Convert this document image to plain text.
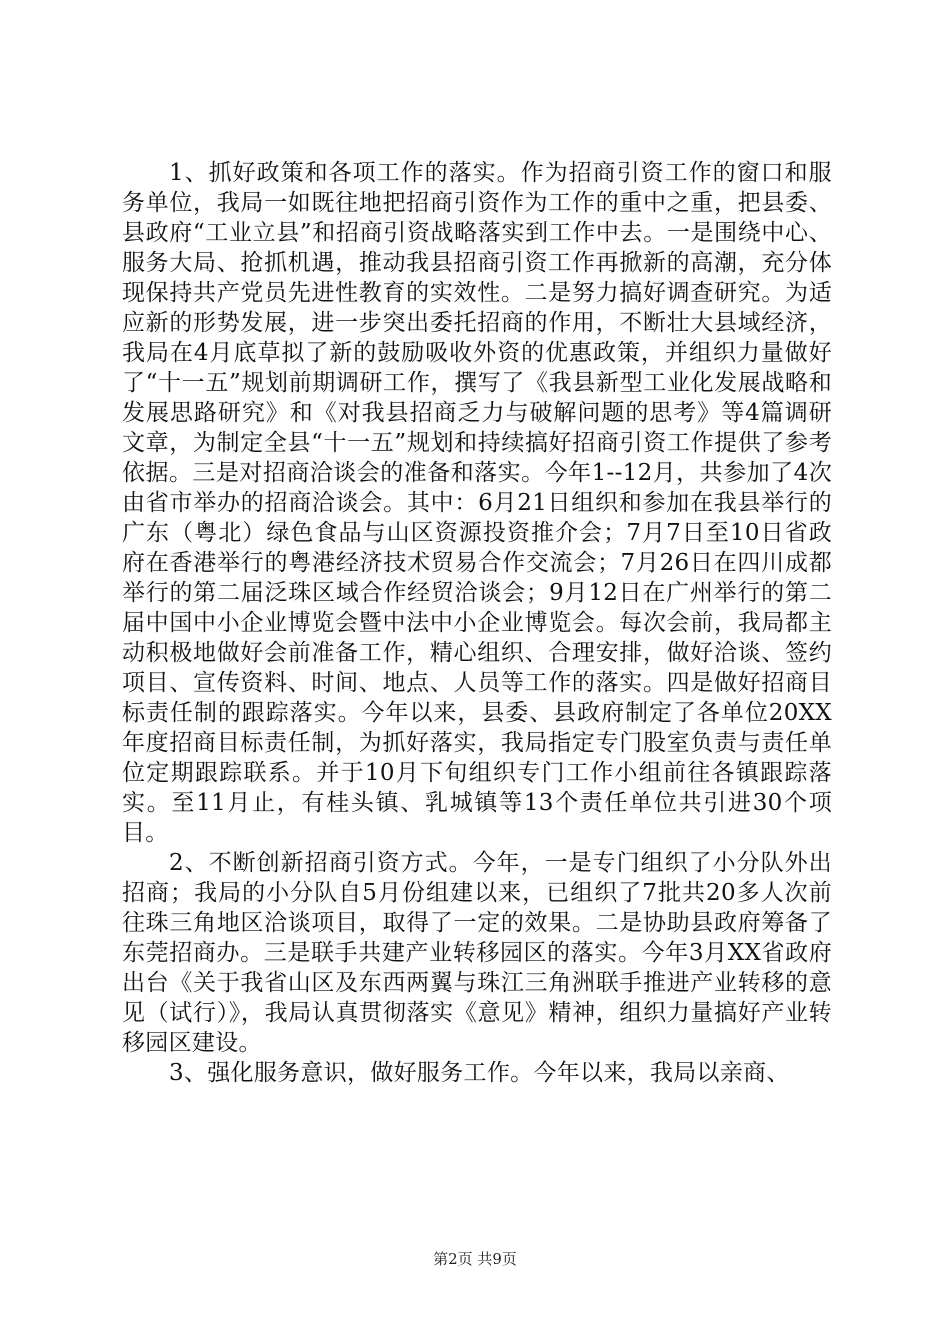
1、抓好政策和各项工作的落实。作为招商引资工作的窗口和服务单位，我局一如既往地把招商引资作为工作的重中之重，把县委、县政府“工业立县”和招商引资战略落实到工作中去。一是围绕中心、服务大局、抢抓机遇，推动我县招商引资工作再掀新的高潮，充分体现保持共产党员先进性教育的实效性。二是努力搞好调查研究。为适应新的形势发展，进一步突出委托招商的作用，不断壮大县域经济，我局在4月底草拟了新的鼓励吸收外资的优惠政策，并组织力量做好了“十一五”规划前期调研工作，撰写了《我县新型工业化发展战略和发展思路研究》和《对我县招商乏力与破解问题的思考》等4篇调研文章，为制定全县“十一五”规划和持续搞好招商引资工作提供了参考依据。三是对招商洽谈会的准备和落实。今年1--12月，共参加了4次由省市举办的招商洽谈会。其中：6月21日组织和参加在我县举行的广东（粤北）绿色食品与山区资源投资推介会；7月7日至10日省政府在香港举行的粤港经济技术贸易合作交流会；7月26日在四川成都举行的第二届泛珠区域合作经贸洽谈会；9月12日在广州举行的第二届中国中小企业博览会暨中法中小企业博览会。每次会前，我局都主动积极地做好会前准备工作，精心组织、合理安排，做好洽谈、签约项目、宣传资料、时间、地点、人员等工作的落实。四是做好招商目标责任制的跟踪落实。今年以来，县委、县政府制定了各单位20XX年度招商目标责任制，为抓好落实，我局指定专门股室负责与责任单位定期跟踪联系。并于10月下旬组织专门工作小组前往各镇跟踪落实。至11月止，有桂头镇、乳城镇等13个责任单位共引进30个项目。

2、不断创新招商引资方式。今年，一是专门组织了小分队外出招商；我局的小分队自5月份组建以来，已组织了7批共20多人次前往珠三角地区洽谈项目，取得了一定的效果。二是协助县政府筹备了东莞招商办。三是联手共建产业转移园区的落实。今年3月XX省政府出台《关于我省山区及东西两翼与珠江三角洲联手推进产业转移的意见（试行）》，我局认真贯彻落实《意见》精神，组织力量搞好产业转移园区建设。

3、强化服务意识，做好服务工作。今年以来，我局以亲商、

第2页 共9页
